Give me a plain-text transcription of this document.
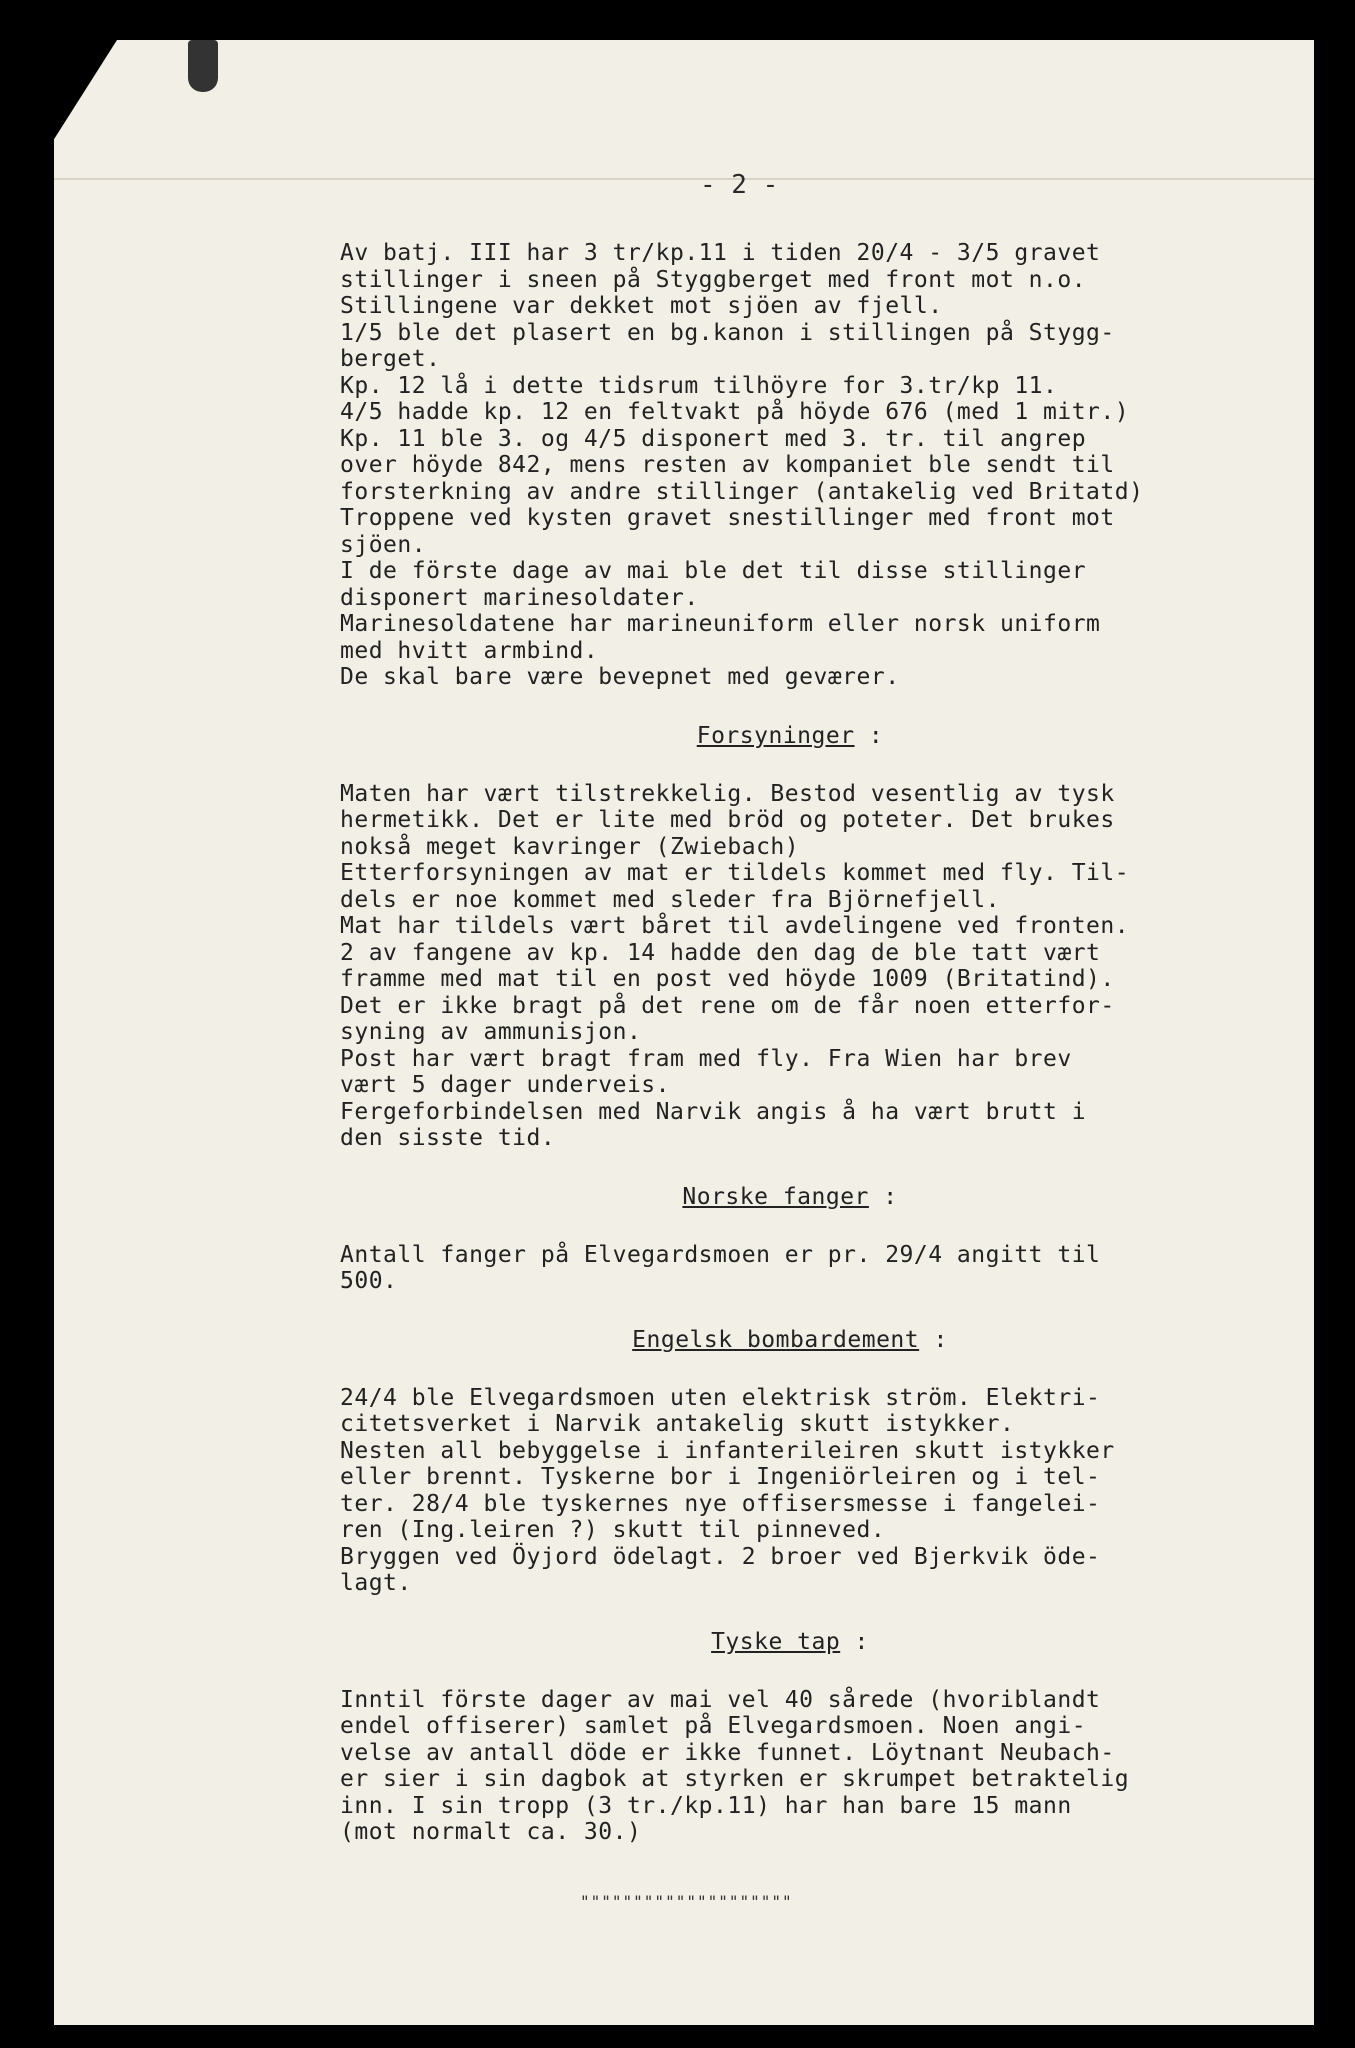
- 2 -

Av batj. III har 3 tr/kp.11 i tiden 20/4 - 3/5 gravet
stillinger i sneen på Styggberget med front mot n.o.
Stillingene var dekket mot sjöen av fjell.
1/5 ble det plasert en bg.kanon i stillingen på Stygg-
berget.
Kp. 12 lå i dette tidsrum tilhöyre for 3.tr/kp 11.
4/5 hadde kp. 12 en feltvakt på höyde 676 (med 1 mitr.)
Kp. 11 ble 3. og 4/5 disponert med 3. tr. til angrep
over höyde 842, mens resten av kompaniet ble sendt til
forsterkning av andre stillinger (antakelig ved Britatd)
Troppene ved kysten gravet snestillinger med front mot
sjöen.
I de förste dage av mai ble det til disse stillinger
disponert marinesoldater.
Marinesoldatene har marineuniform eller norsk uniform
med hvitt armbind.
De skal bare være bevepnet med geværer.

Forsyninger :

Maten har vært tilstrekkelig. Bestod vesentlig av tysk
hermetikk. Det er lite med bröd og poteter. Det brukes
nokså meget kavringer (Zwiebach)
Etterforsyningen av mat er tildels kommet med fly. Til-
dels er noe kommet med sleder fra Björnefjell.
Mat har tildels vært båret til avdelingene ved fronten.
2 av fangene av kp. 14 hadde den dag de ble tatt vært
framme med mat til en post ved höyde 1009 (Britatind).
Det er ikke bragt på det rene om de får noen etterfor-
syning av ammunisjon.
Post har vært bragt fram med fly. Fra Wien har brev
vært 5 dager underveis.
Fergeforbindelsen med Narvik angis å ha vært brutt i
den sisste tid.

Norske fanger :

Antall fanger på Elvegardsmoen er pr. 29/4 angitt til
500.

Engelsk bombardement :

24/4 ble Elvegardsmoen uten elektrisk ström. Elektri-
citetsverket i Narvik antakelig skutt istykker.
Nesten all bebyggelse i infanterileiren skutt istykker
eller brennt. Tyskerne bor i Ingeniörleiren og i tel-
ter. 28/4 ble tyskernes nye offisersmesse i fangelei-
ren (Ing.leiren ?) skutt til pinneved.
Bryggen ved Öyjord ödelagt. 2 broer ved Bjerkvik öde-
lagt.

Tyske tap :

Inntil förste dager av mai vel 40 sårede (hvoriblandt
endel offiserer) samlet på Elvegardsmoen. Noen angi-
velse av antall döde er ikke funnet. Löytnant Neubach-
er sier i sin dagbok at styrken er skrumpet betraktelig
inn. I sin tropp (3 tr./kp.11) har han bare 15 mann
(mot normalt ca. 30.)

""""""""""""""""""""
